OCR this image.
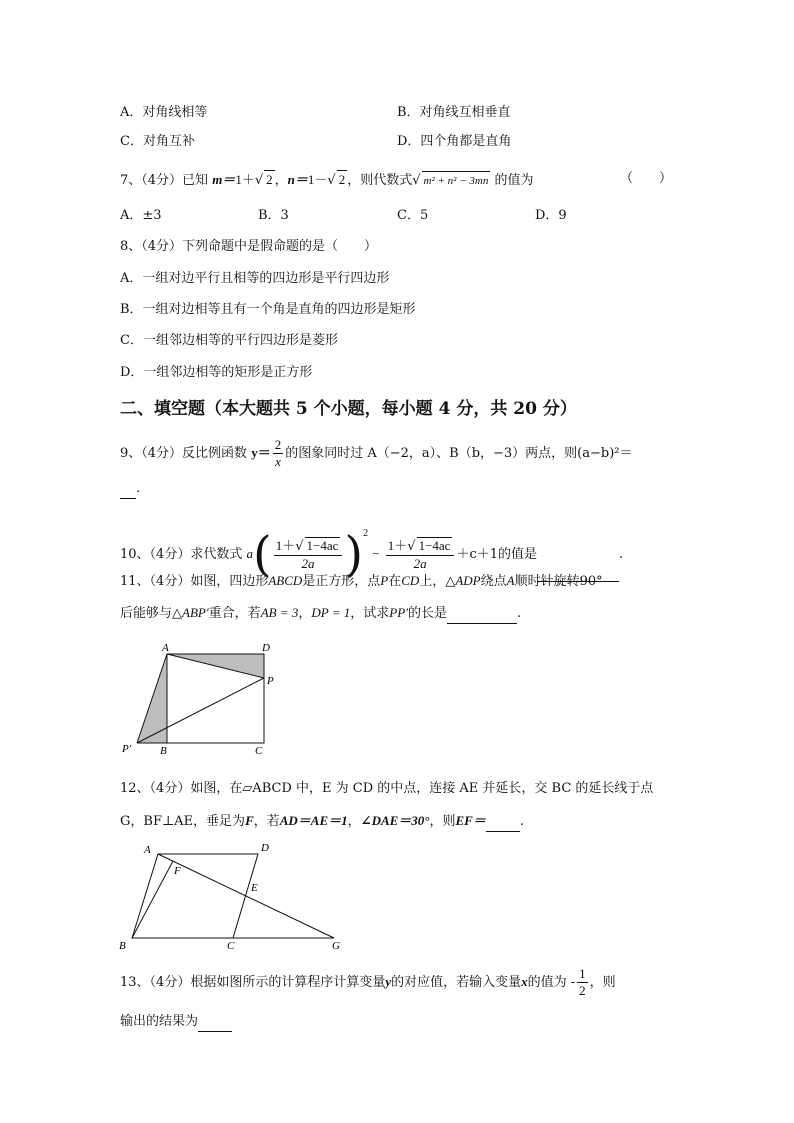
A．对角线相等	B．对角线互相垂直
C．对角互补	D．四个角都是直角
7、（4分）已知 m＝1＋√ 2 ，n＝1－√ 2 ，则代数式√ m² + n² − 3mn 的值为	（　　）
A．±3	B．3	C．5	D．9
8、（4分）下列命题中是假命题的是（　　）
A．一组对边平行且相等的四边形是平行四边形
B．一组对边相等且有一个角是直角的四边形是矩形
C．一组邻边相等的平行四边形是菱形
D．一组邻边相等的矩形是正方形
二、填空题（本大题共 5 个小题，每小题 4 分，共 20 分）
9、（4分）反比例函数 $y= \frac{2}{x}$ 的图象同时过 A（−2，a）、B（b，−3）两点，则(a−b)²＝
.
10、（4分）求代数式 $a( \frac{1+√ 1-4ac}{2a} )^2 - \frac{1+√ 1-4ac}{2a} +c+1$的值是	.
11、（4分）如图，四边形ABCD是正方形，点P在CD上，△ADP绕点A顺时针旋转90°
后能够与△ABP′重合，若AB = 3，DP = 1，试求PP′的长是	.
A	D
P
P′	B	C
12、（4分）如图，在▱ABCD 中，E 为 CD 的中点，连接 AE 并延长，交 BC 的延长线于点
G，BF⊥AE，垂足为F，若AD＝AE＝1，∠DAE＝30°，则EF＝	.
A	D
F
E
B	C	G
13、（4分）根据如图所示的计算程序计算变量y的对应值，若输入变量x的值为 - $\frac{1}{2}$ ，则
输出的结果为
